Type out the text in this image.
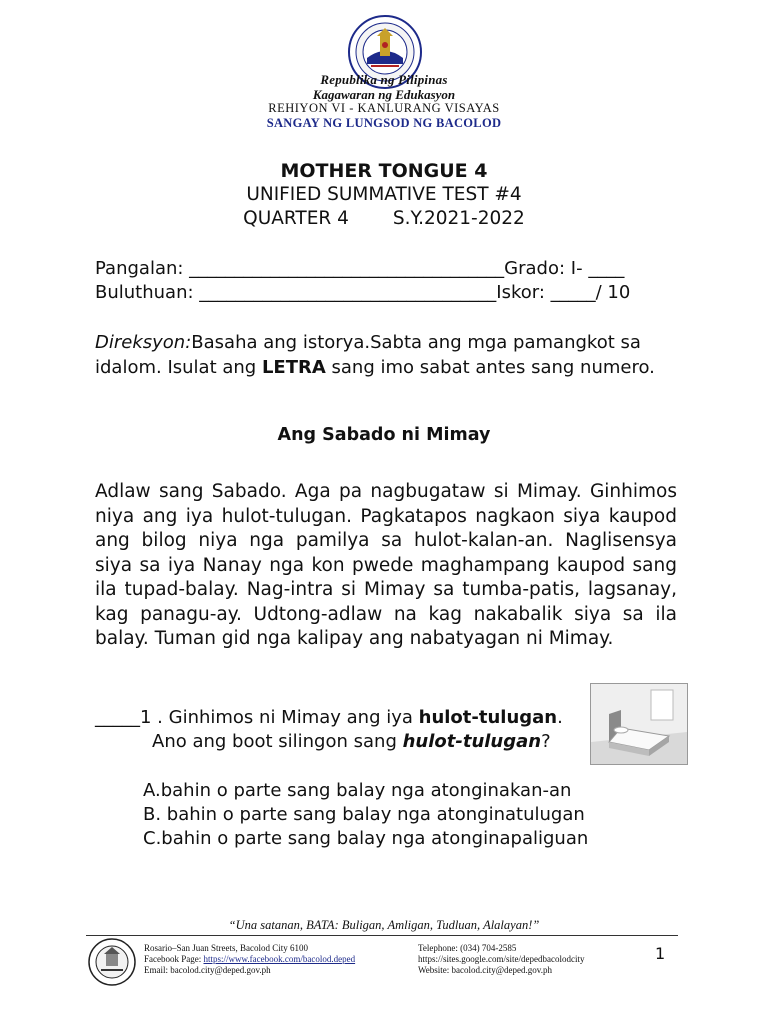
Republika ng Pilipinas
Kagawaran ng Edukasyon
REHIYON VI - KANLURANG VISAYAS
SANGAY NG LUNGSOD NG BACOLOD
MOTHER TONGUE 4
UNIFIED SUMMATIVE TEST #4
QUARTER 4 S.Y.2021-2022
Pangalan: ___________________________________Grado: I- ____
Buluthuan: _________________________________Iskor: _____/ 10
Direksyon:Basaha ang istorya.Sabta ang mga pamangkot sa idalom. Isulat ang LETRA sang imo sabat antes sang numero.
Ang Sabado ni Mimay
Adlaw sang Sabado. Aga pa nagbugataw si Mimay. Ginhimos niya ang iya hulot-tulugan. Pagkatapos nagkaon siya kaupod ang bilog niya nga pamilya sa hulot-kalan-an. Naglisensya siya sa iya Nanay nga kon pwede maghampang kaupod sang ila tupad-balay. Nag-intra si Mimay sa tumba-patis, lagsanay, kag panagu-ay. Udtong-adlaw na kag nakabalik siya sa ila balay. Tuman gid nga kalipay ang nabatyagan ni Mimay.
_____1 . Ginhimos ni Mimay ang iya hulot-tulugan.
Ano ang boot silingon sang hulot-tulugan?
A.bahin o parte sang balay nga atonginakan-an
B. bahin o parte sang balay nga atonginatulugan
C.bahin o parte sang balay nga atonginapaliguan
“Una satanan, BATA: Buligan, Amligan, Tudluan, Alalayan!”
Rosario–San Juan Streets, Bacolod City 6100
Facebook Page: https://www.facebook.com/bacolod.deped
Email: bacolod.city@deped.gov.ph
Telephone: (034) 704-2585
https://sites.google.com/site/depedbacolodcity
Website: bacolod.city@deped.gov.ph
1
